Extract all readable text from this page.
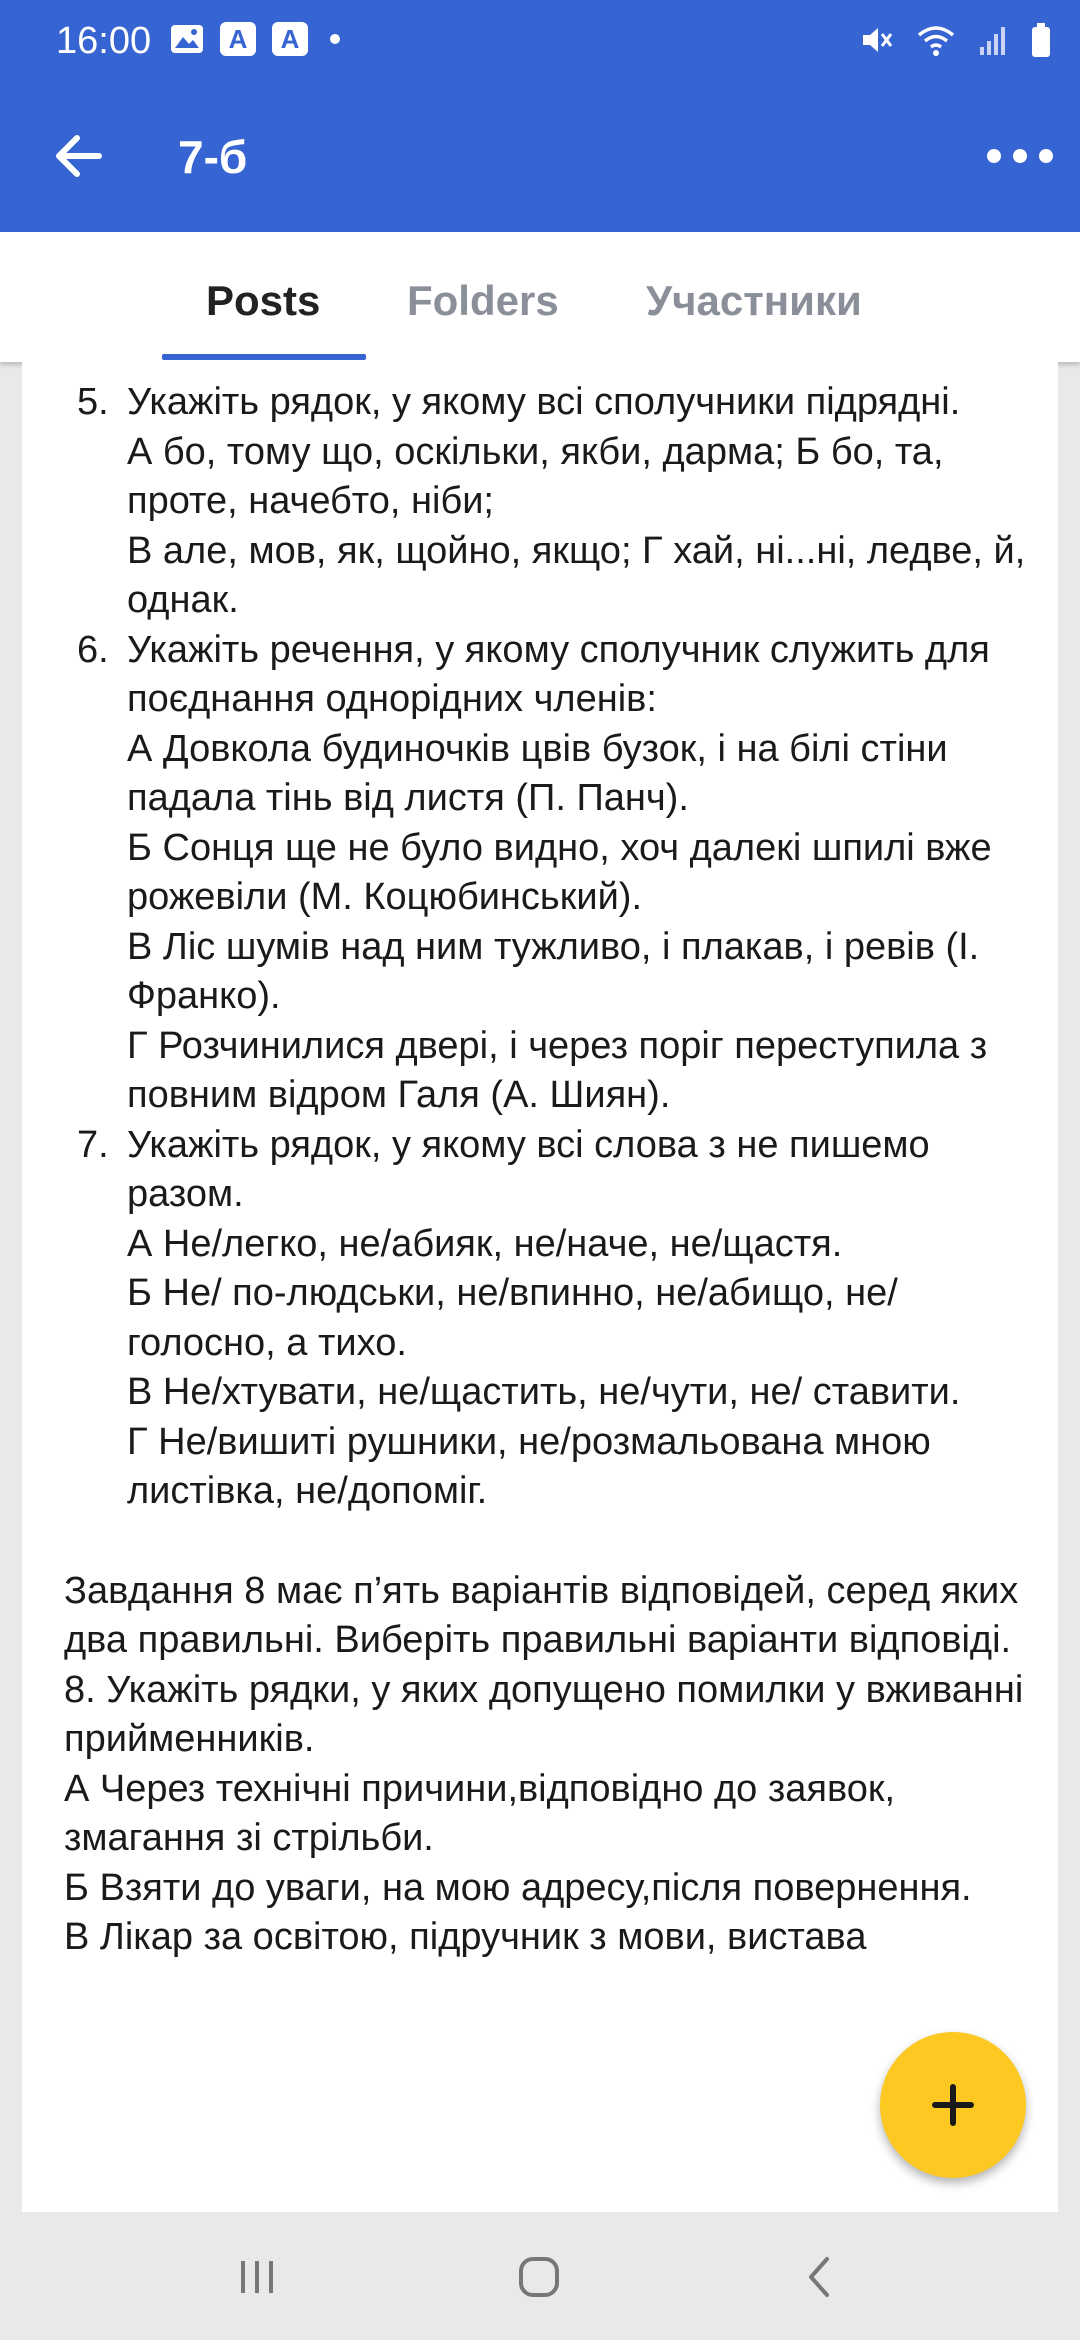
16:00	A	A
7-б
Posts Folders Участники
5. Укажіть рядок, у якому всі сполучники підрядні.
А бо, тому що, оскільки, якби, дарма; Б бо, та, проте, начебто, ніби;
В але, мов, як, щойно, якщо; Г хай, ні...ні, ледве, й, однак.
6. Укажіть речення, у якому сполучник служить для поєднання однорідних членів:
А Довкола будиночків цвів бузок, і на білі стіни падала тінь від листя (П. Панч).
Б Сонця ще не було видно, хоч далекі шпилі вже рожевіли (М. Коцюбинський).
В Ліс шумів над ним тужливо, і плакав, і ревів (І. Франко).
Г Розчинилися двері, і через поріг переступила з повним відром Галя (А. Шиян).
7. Укажіть рядок, у якому всі слова з не пишемо разом.
А Не/легко, не/абияк, не/наче, не/щастя.
Б Не/ по-людськи, не/впинно, не/абищо, не/голосно, а тихо.
В Не/хтувати, не/щастить, не/чути, не/ ставити.
Г Не/вишиті рушники, не/розмальована мною листівка, не/допоміг.
Завдання 8 має п’ять варіантів відповідей, серед яких два правильні. Виберіть правильні варіанти відповіді.
8. Укажіть рядки, у яких допущено помилки у вживанні прийменників.
А Через технічні причини,відповідно до заявок, змагання зі стрільби.
Б Взяти до уваги, на мою адресу,після повернення.
В Лікар за освітою, підручник з мови, вистава
